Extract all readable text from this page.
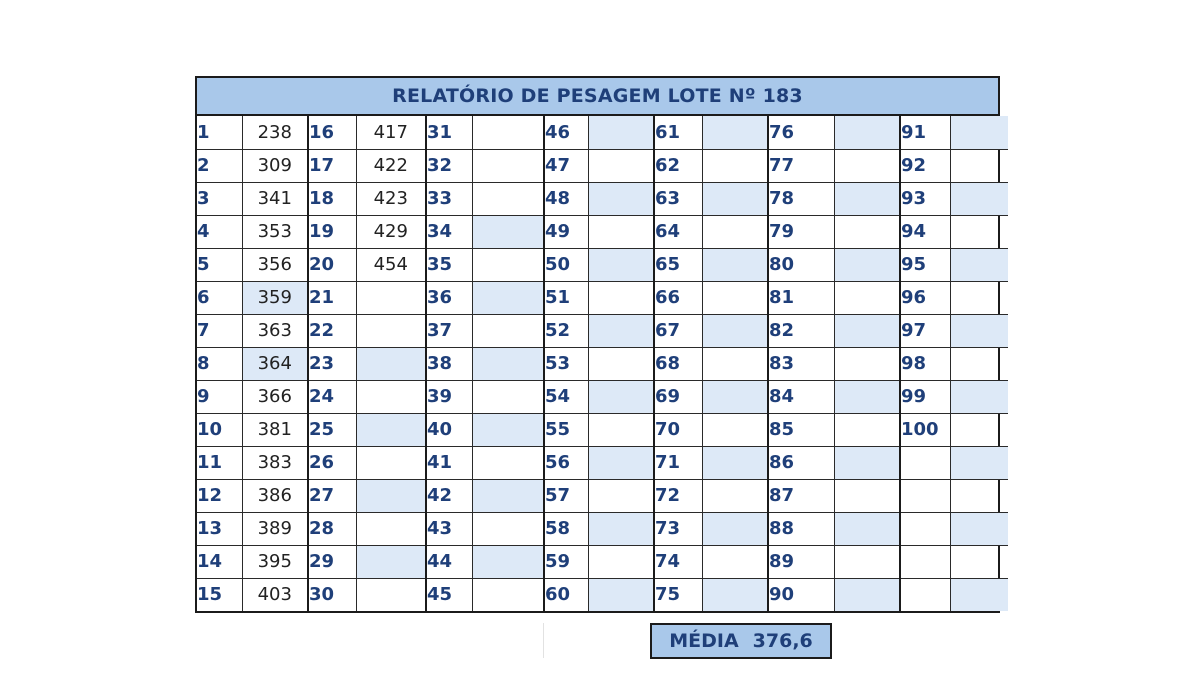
RELATÓRIO DE PESAGEM LOTE Nº 183
1	238	16	417	31		46		61		76		91	
2	309	17	422	32		47		62		77		92	
3	341	18	423	33		48		63		78		93	
4	353	19	429	34		49		64		79		94	
5	356	20	454	35		50		65		80		95	
6	359	21		36		51		66		81		96	
7	363	22		37		52		67		82		97	
8	364	23		38		53		68		83		98	
9	366	24		39		54		69		84		99	
10	381	25		40		55		70		85		100	
11	383	26		41		56		71		86			
12	386	27		42		57		72		87			
13	389	28		43		58		73		88			
14	395	29		44		59		74		89			
15	403	30		45		60		75		90			
MÉDIA 376,6
